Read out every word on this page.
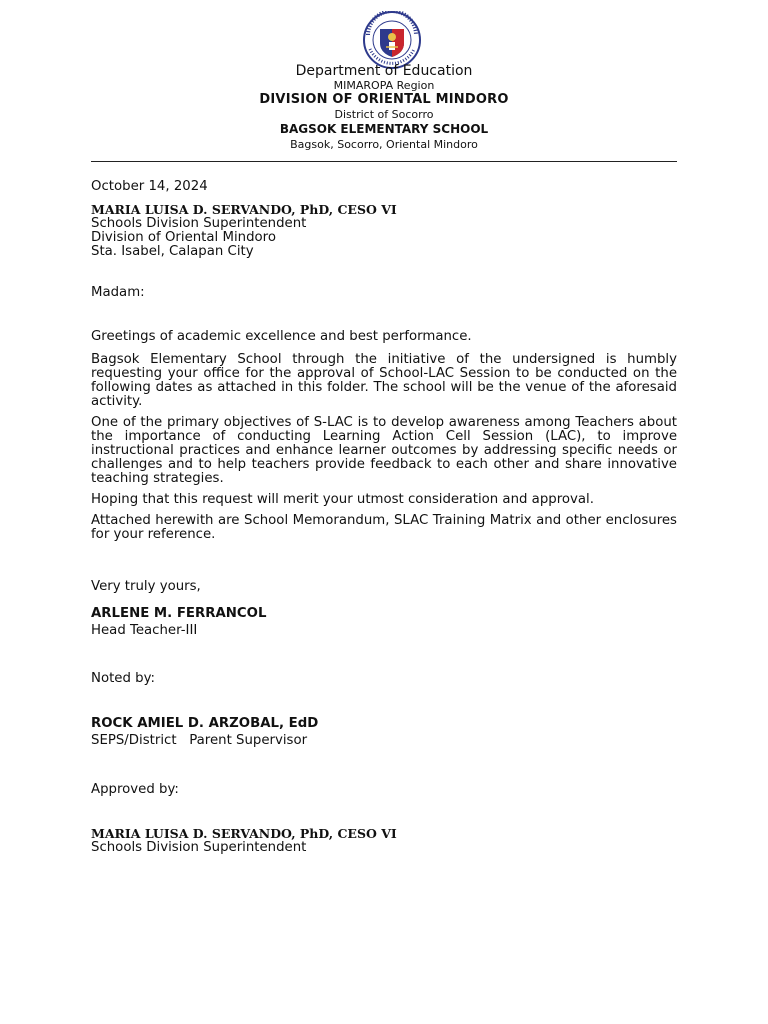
Department of Education
MIMAROPA Region
DIVISION OF ORIENTAL MINDORO
District of Socorro
BAGSOK ELEMENTARY SCHOOL
Bagsok, Socorro, Oriental Mindoro
October 14, 2024
MARIA LUISA D. SERVANDO, PhD, CESO VI
Schools Division Superintendent
Division of Oriental Mindoro
Sta. Isabel, Calapan City
Madam:
Greetings of academic excellence and best performance.
Bagsok Elementary School through the initiative of the undersigned is humbly requesting your office for the approval of School-LAC Session to be conducted on the following dates as attached in this folder. The school will be the venue of the aforesaid activity.
One of the primary objectives of S-LAC is to develop awareness among Teachers about the importance of conducting Learning Action Cell Session (LAC), to improve instructional practices and enhance learner outcomes by addressing specific needs or challenges and to help teachers provide feedback to each other and share innovative teaching strategies.
Hoping that this request will merit your utmost consideration and approval.
Attached herewith are School Memorandum, SLAC Training Matrix and other enclosures for your reference.
Very truly yours,
ARLENE M. FERRANCOL
Head Teacher-III
Noted by:
ROCK AMIEL D. ARZOBAL, EdD
SEPS/District   Parent Supervisor
Approved by:
MARIA LUISA D. SERVANDO, PhD, CESO VI
Schools Division Superintendent
